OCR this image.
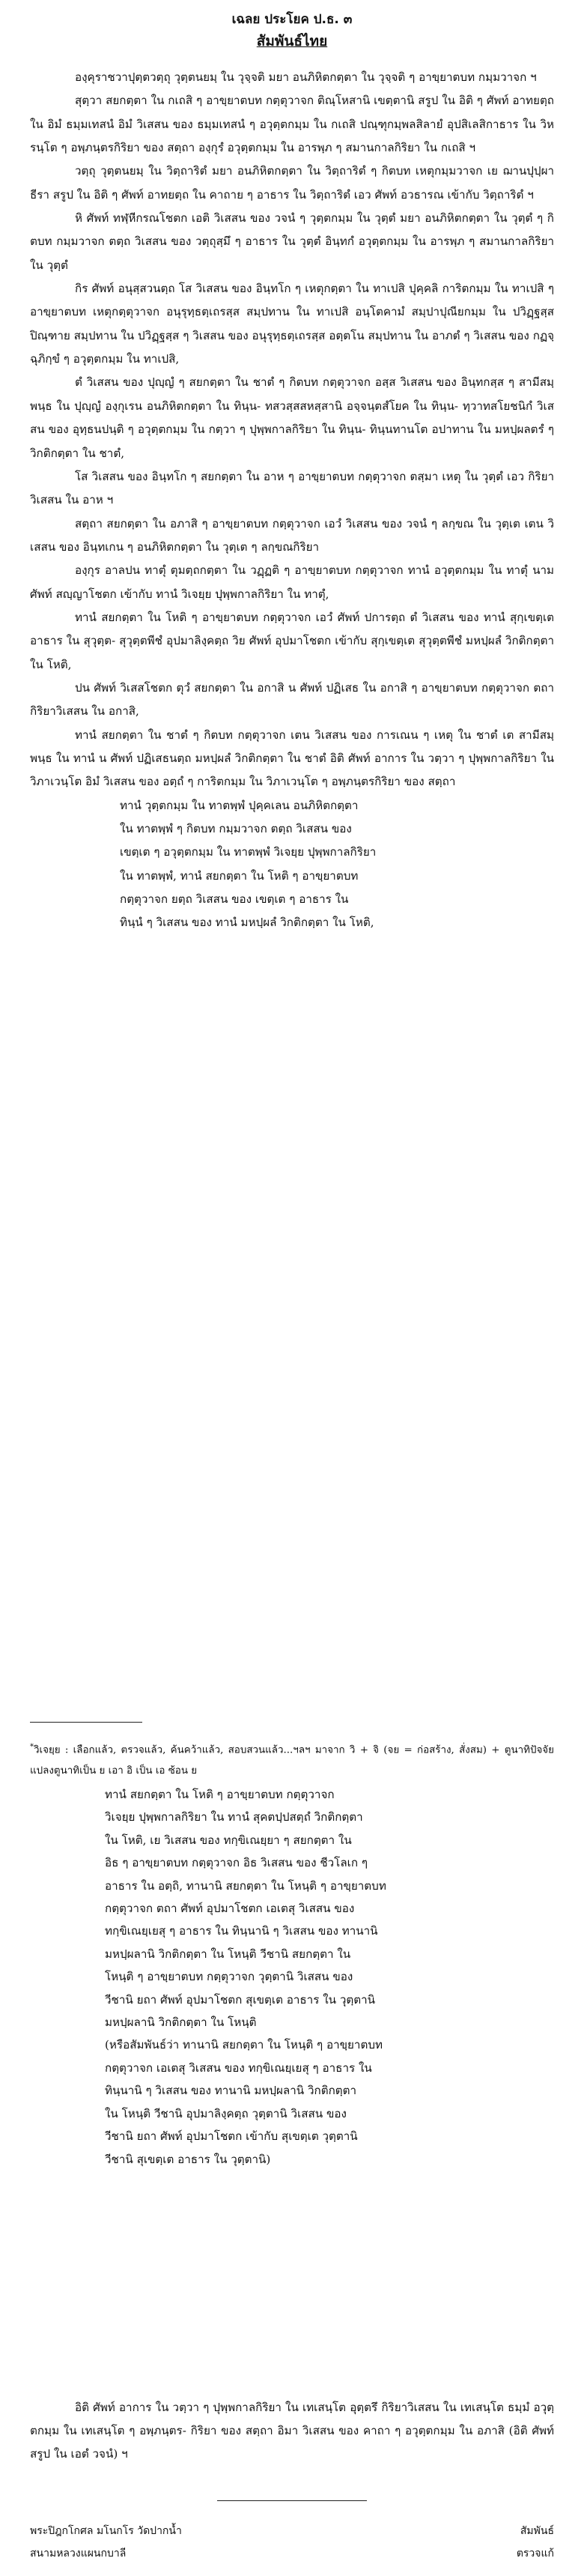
เฉลย ประโยค ป.ธ. ๓
สัมพันธ์ไทย

องฺคุราชวาปุตฺตวตฺถุ วุตฺตนยมฺ ใน วุจฺจติ มยา อนภิหิตกตฺตา ใน วุจฺจติ ๆ อาขฺยาตบท กมฺมวาจก ฯ

สุตฺวา สยกตฺตา ใน กเถสิ ๆ อาขฺยาตบท กตฺตุวาจก ติณฺโหสานิ เขตฺตานิ สรูป ใน อิติ ๆ ศัพท์ อาทยตฺถ ใน อิมํ ธมฺมเทสนํ อิมํ วิเสสน ของ ธมฺมเทสนํ ๆ อวุตฺตกมฺม ใน กเถสิ ปณฺฑุกมฺพลสิลายํ อุปสิเลสิกาธาร ใน วิหรนฺโต ๆ อพฺภนฺตรกิริยา ของ สตฺถา องฺกุรํ อวุตฺตกมฺม ใน อารพฺภ ๆ สมานกาลกิริยา ใน กเถสิ ฯ

วตฺถุ วุตฺตนยมฺ ใน วิตฺถาริตํ มยา อนภิหิตกตฺตา ใน วิตฺถาริตํ ๆ กิตบท เหตุกมฺมวาจก เย ฌานปุปฺผา ธีรา สรูป ใน อิติ ๆ ศัพท์ อาทยตฺถ ใน คาถาย ๆ อาธาร ใน วิตฺถาริตํ เอว ศัพท์ อวธารณ เข้ากับ วิตฺถาริตํ ฯ

หิ ศัพท์ ทฬฺหีกรณโชตก เอติ วิเสสน ของ วจนํ ๆ วุตฺตกมฺม ใน วุตฺตํ มยา อนภิหิตกตฺตา ใน วุตฺตํ ๆ กิตบท กมฺมวาจก ตตฺถ วิเสสน ของ วตฺถุสฺมึ ๆ อาธาร ใน วุตฺตํ อินฺทกํ อวุตฺตกมฺม ใน อารพฺภ ๆ สมานกาลกิริยา ใน วุตฺตํ

กิร ศัพท์ อนุสฺสวนตฺถ โส วิเสสน ของ อินฺทโก ๆ เหตุกตฺตา ใน ทาเปสิ ปุคฺคลิ การิตกมฺม ใน ทาเปสิ ๆ อาขฺยาตบท เหตุกตฺตุวาจก อนุรุทฺธตฺเถรสฺส สมฺปทาน ใน ทาเปสิ อนฺโตคามํ สมฺปาปุณียกมฺม ใน ปวิฏฺฐสฺส ปิณฺฑาย สมฺปทาน ใน ปวิฏฺฐสฺส ๆ วิเสสน ของ อนุรุทฺธตฺเถรสฺส อตฺตโน สมฺปทาน ใน อาภตํ ๆ วิเสสน ของ กฏจฺฉุภิกฺขํ ๆ อวุตฺตกมฺม ใน ทาเปสิ,

ตํ วิเสสน ของ ปุญฺญํ ๆ สยกตฺตา ใน ชาตํ ๆ กิตบท กตฺตุวาจก อสฺส วิเสสน ของ อินฺทกสฺส ๆ สามีสมฺพนฺธ ใน ปุญฺญํ องฺกุเรน อนภิหิตกตฺตา ใน ทินฺน- ทสวสฺสสหสฺสานิ อจฺจนฺตสํโยค ใน ทินฺน- ทฺวาทสโยชนิกํ วิเสสน ของ อุทฺธนปนฺติ ๆ อวุตฺตกมฺม ใน กตฺวา ๆ ปุพฺพกาลกิริยา ใน ทินฺน- ทินฺนทานโต อปาทาน ใน มหปฺผลตรํ ๆ วิกติกตฺตา ใน ชาตํ,

โส วิเสสน ของ อินฺทโก ๆ สยกตฺตา ใน อาห ๆ อาขฺยาตบท กตฺตุวาจก ตสฺมา เหตุ ใน วุตฺตํ เอว กิริยาวิเสสน ใน อาห ฯ

สตฺถา สยกตฺตา ใน อภาสิ ๆ อาขฺยาตบท กตฺตุวาจก เอวํ วิเสสน ของ วจนํ ๆ ลกฺขณ ใน วุตฺเต เตน วิเสสน ของ อินฺทเกน ๆ อนภิหิตกตฺตา ใน วุตฺเต ๆ ลกฺขณกิริยา

องฺกุร อาลปน ทาตุํ ตุมตฺถกตฺตา ใน วฏฺฏติ ๆ อาขฺยาตบท กตฺตุวาจก ทานํ อวุตฺตกมฺม ใน ทาตุํ นาม ศัพท์ สญฺญาโชตก เข้ากับ ทานํ วิเจยฺย ปุพฺพกาลกิริยา ใน ทาตุํ,

ทานํ สยกตฺตา ใน โหติ ๆ อาขฺยาตบท กตฺตุวาจก เอวํ ศัพท์ ปการตฺถ ตํ วิเสสน ของ ทานํ สุกฺเขตฺเต อาธาร ใน สุวุตฺต- สุวุตฺตพีชํ อุปมาลิงฺคตฺถ วิย ศัพท์ อุปมาโชตก เข้ากับ สุกฺเขตฺเต สุวุตฺตพีชํ มหปฺผลํ วิกติกตฺตา ใน โหติ,

ปน ศัพท์ วิเสสโชตก ตุวํ สยกตฺตา ใน อกาสิ น ศัพท์ ปฏิเสธ ใน อกาสิ ๆ อาขฺยาตบท กตฺตุวาจก ตถา กิริยาวิเสสน ใน อกาสิ,

ทานํ สยกตฺตา ใน ชาตํ ๆ กิตบท กตฺตุวาจก เตน วิเสสน ของ การเณน ๆ เหตุ ใน ชาตํ เต สามีสมฺพนฺธ ใน ทานํ น ศัพท์ ปฏิเสธนตฺถ มหปฺผลํ วิกติกตฺตา ใน ชาตํ อิติ ศัพท์ อาการ ใน วตฺวา ๆ ปุพฺพกาลกิริยา ใน วิภาเวนฺโต อิมํ วิเสสน ของ อตฺถํ ๆ การิตกมฺม ใน วิภาเวนฺโต ๆ อพฺภนฺตรกิริยา ของ สตฺถา

ทานํ วุตฺตกมฺม ใน ทาตพฺพํ ปุคฺคเลน อนภิหิตกตฺตา

ใน ทาตพฺพํ ๆ กิตบท กมฺมวาจก ตตฺถ วิเสสน ของ

เขตฺเต ๆ อวุตฺตกมฺม ใน ทาตพฺพํ วิเจยฺย ปุพฺพกาลกิริยา

ใน ทาตพฺพํ, ทานํ สยกตฺตา ใน โหติ ๆ อาขฺยาตบท

กตฺตุวาจก ยตฺถ วิเสสน ของ เขตฺเต ๆ อาธาร ใน

ทินฺนํ ๆ วิเสสน ของ ทานํ มหปฺผลํ วิกติกตฺตา ใน โหติ,

*วิเจยฺย : เลือกแล้ว, ตรวจแล้ว, ค้นคว้าแล้ว, สอบสวนแล้ว...ฯลฯ มาจาก วิ + จิ (จย = ก่อสร้าง, สั่งสม) + ตูนาทิปัจจัย แปลงตูนาทิเป็น ย เอา อิ เป็น เอ ซ้อน ย

ทานํ สยกตฺตา ใน โหติ ๆ อาขฺยาตบท กตฺตุวาจก

วิเจยฺย ปุพฺพกาลกิริยา ใน ทานํ สุคตปฺปสตฺถํ วิกติกตฺตา

ใน โหติ, เย วิเสสน ของ ทกฺขิเณยฺยา ๆ สยกตฺตา ใน

อิธ ๆ อาขฺยาตบท กตฺตุวาจก อิธ วิเสสน ของ ชีวโลเก ๆ

อาธาร ใน อตฺถิ, ทานานิ สยกตฺตา ใน โหนฺติ ๆ อาขฺยาตบท

กตฺตุวาจก ตถา ศัพท์ อุปมาโชตก เอเตสุ วิเสสน ของ

ทกฺขิเณยฺเยสุ ๆ อาธาร ใน ทินฺนานิ ๆ วิเสสน ของ ทานานิ

มหปฺผลานิ วิกติกตฺตา ใน โหนฺติ วีชานิ สยกตฺตา ใน

โหนฺติ ๆ อาขฺยาตบท กตฺตุวาจก วุตฺตานิ วิเสสน ของ

วีชานิ ยถา ศัพท์ อุปมาโชตก สุเขตฺเต อาธาร ใน วุตฺตานิ

มหปฺผลานิ วิกติกตฺตา ใน โหนฺติ

(หรือสัมพันธ์ว่า ทานานิ สยกตฺตา ใน โหนฺติ ๆ อาขฺยาตบท

กตฺตุวาจก เอเตสุ วิเสสน ของ ทกฺขิเณยฺเยสุ ๆ อาธาร ใน

ทินฺนานิ ๆ วิเสสน ของ ทานานิ มหปฺผลานิ วิกติกตฺตา

ใน โหนฺติ วีชานิ อุปมาลิงฺคตฺถ วุตฺตานิ วิเสสน ของ

วีชานิ ยถา ศัพท์ อุปมาโชตก เข้ากับ สุเขตฺเต วุตฺตานิ

วีชานิ สุเขตฺเต อาธาร ใน วุตฺตานิ)

อิติ ศัพท์ อาการ ใน วตฺวา ๆ ปุพฺพกาลกิริยา ใน เทเสนฺโต อุตฺตรึ กิริยาวิเสสน ใน เทเสนฺโต ธมฺมํ อวุตฺตกมฺม ใน เทเสนฺโต ๆ อพฺภนฺตร- กิริยา ของ สตฺถา อิมา วิเสสน ของ คาถา ๆ อวุตฺตกมฺม ใน อภาสิ (อิติ ศัพท์ สรูป ใน เอตํ วจนํ) ฯ

พระปิฎกโกศล มโนกโร วัดปากน้ำ
สนามหลวงแผนกบาลี
สัมพันธ์
ตรวจแก้
